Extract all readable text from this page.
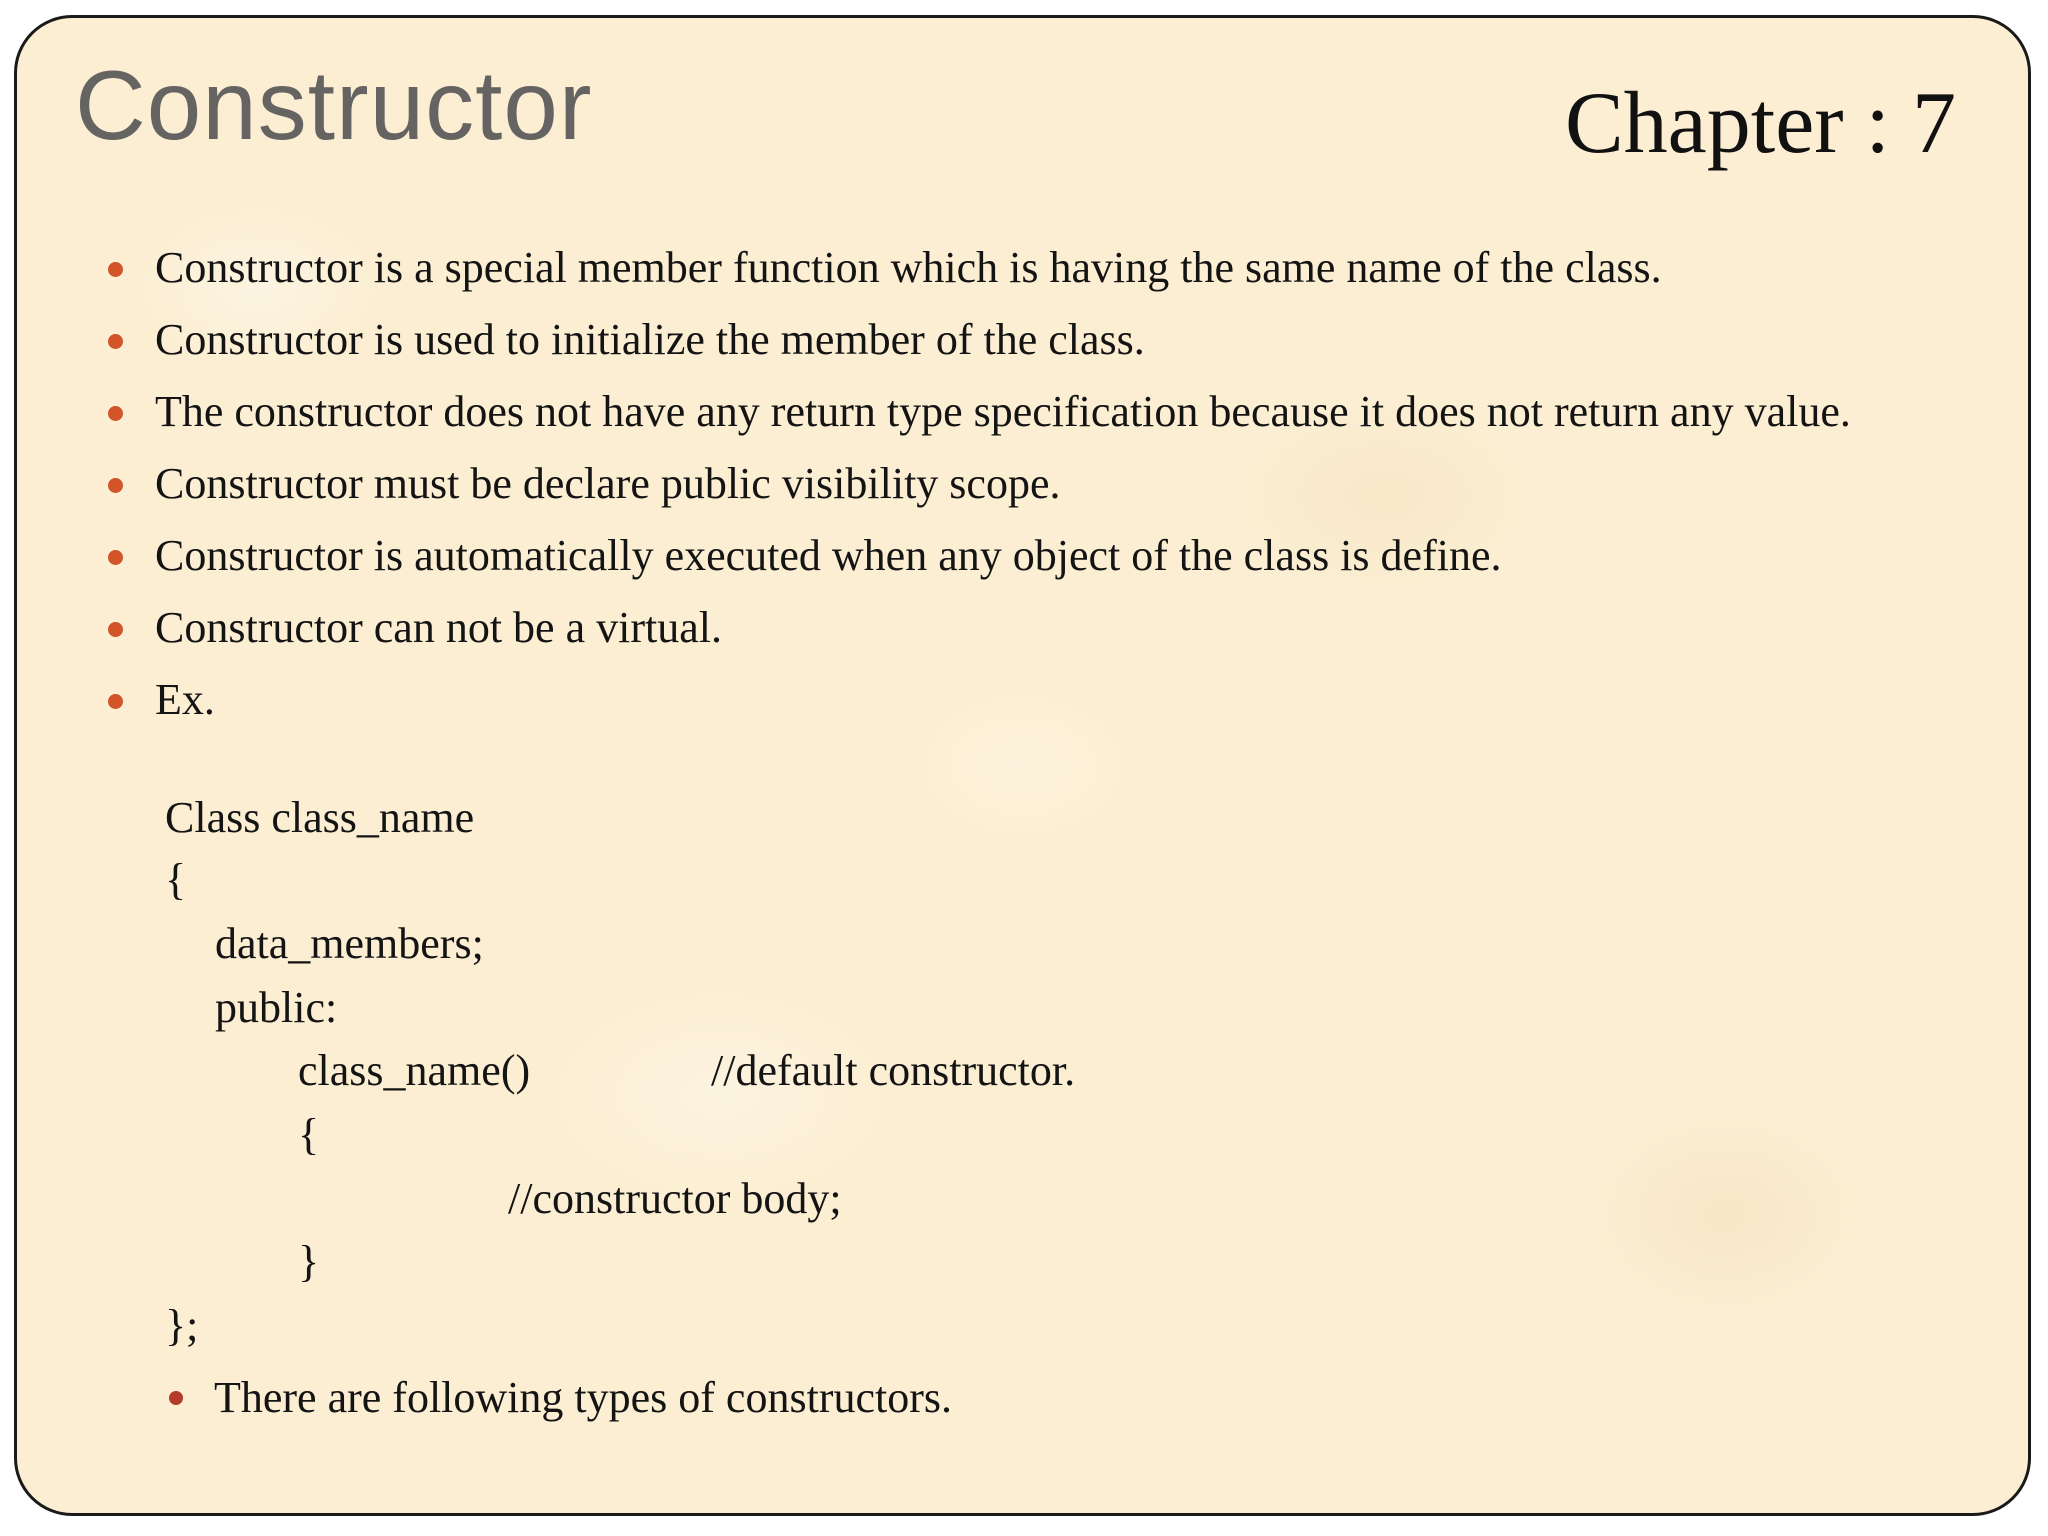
Constructor	Chapter : 7
Constructor is a special member function which is having the same name of the class.
Constructor is used to initialize the member of the class.
The constructor does not have any return type specification because it does not return any value.
Constructor must be declare public visibility scope.
Constructor is automatically executed when any object of the class is define.
Constructor can not be a virtual.
Ex.
Class class_name
{
data_members;
public:
class_name()	//default constructor.
{
//constructor body;
}
};
There are following types of constructors.
